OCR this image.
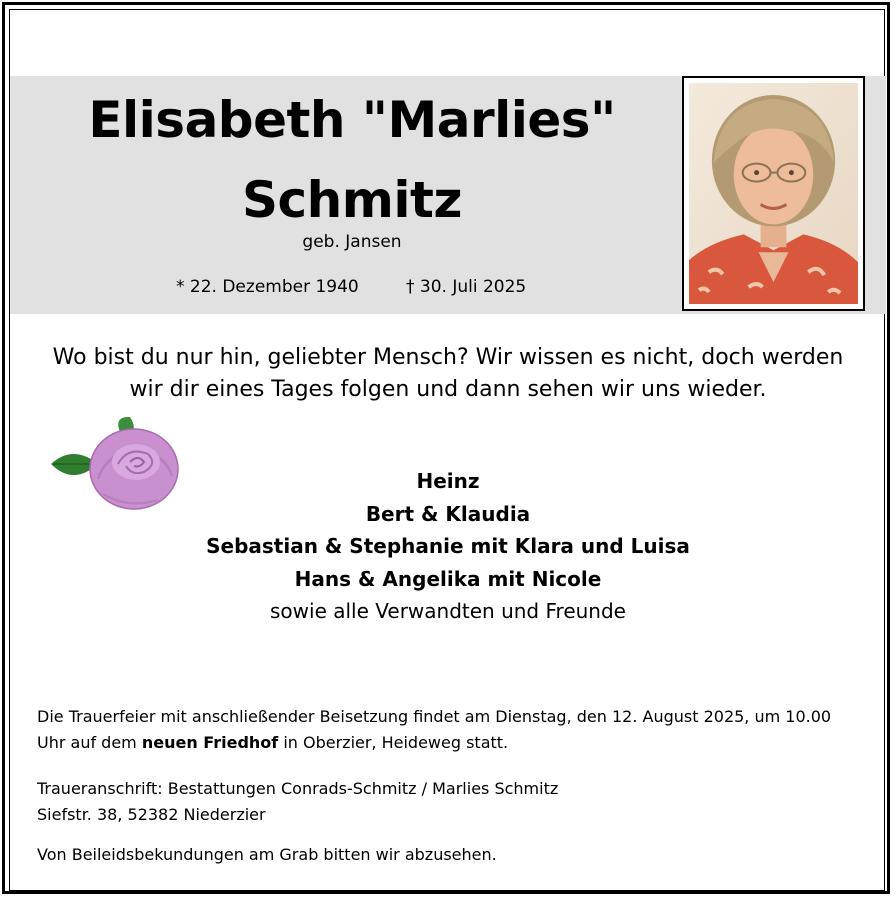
Elisabeth "Marlies"
Schmitz
geb. Jansen
* 22. Dezember 1940	† 30. Juli 2025
Wo bist du nur hin, geliebter Mensch? Wir wissen es nicht, doch werden
wir dir eines Tages folgen und dann sehen wir uns wieder.
Heinz
Bert & Klaudia
Sebastian & Stephanie mit Klara und Luisa
Hans & Angelika mit Nicole
sowie alle Verwandten und Freunde

Die Trauerfeier mit anschließender Beisetzung findet am Dienstag, den 12. August 2025, um 10.00 Uhr auf dem neuen Friedhof in Oberzier, Heideweg statt.

Traueranschrift: Bestattungen Conrads-Schmitz / Marlies Schmitz
Siefstr. 38, 52382 Niederzier

Von Beileidsbekundungen am Grab bitten wir abzusehen.
